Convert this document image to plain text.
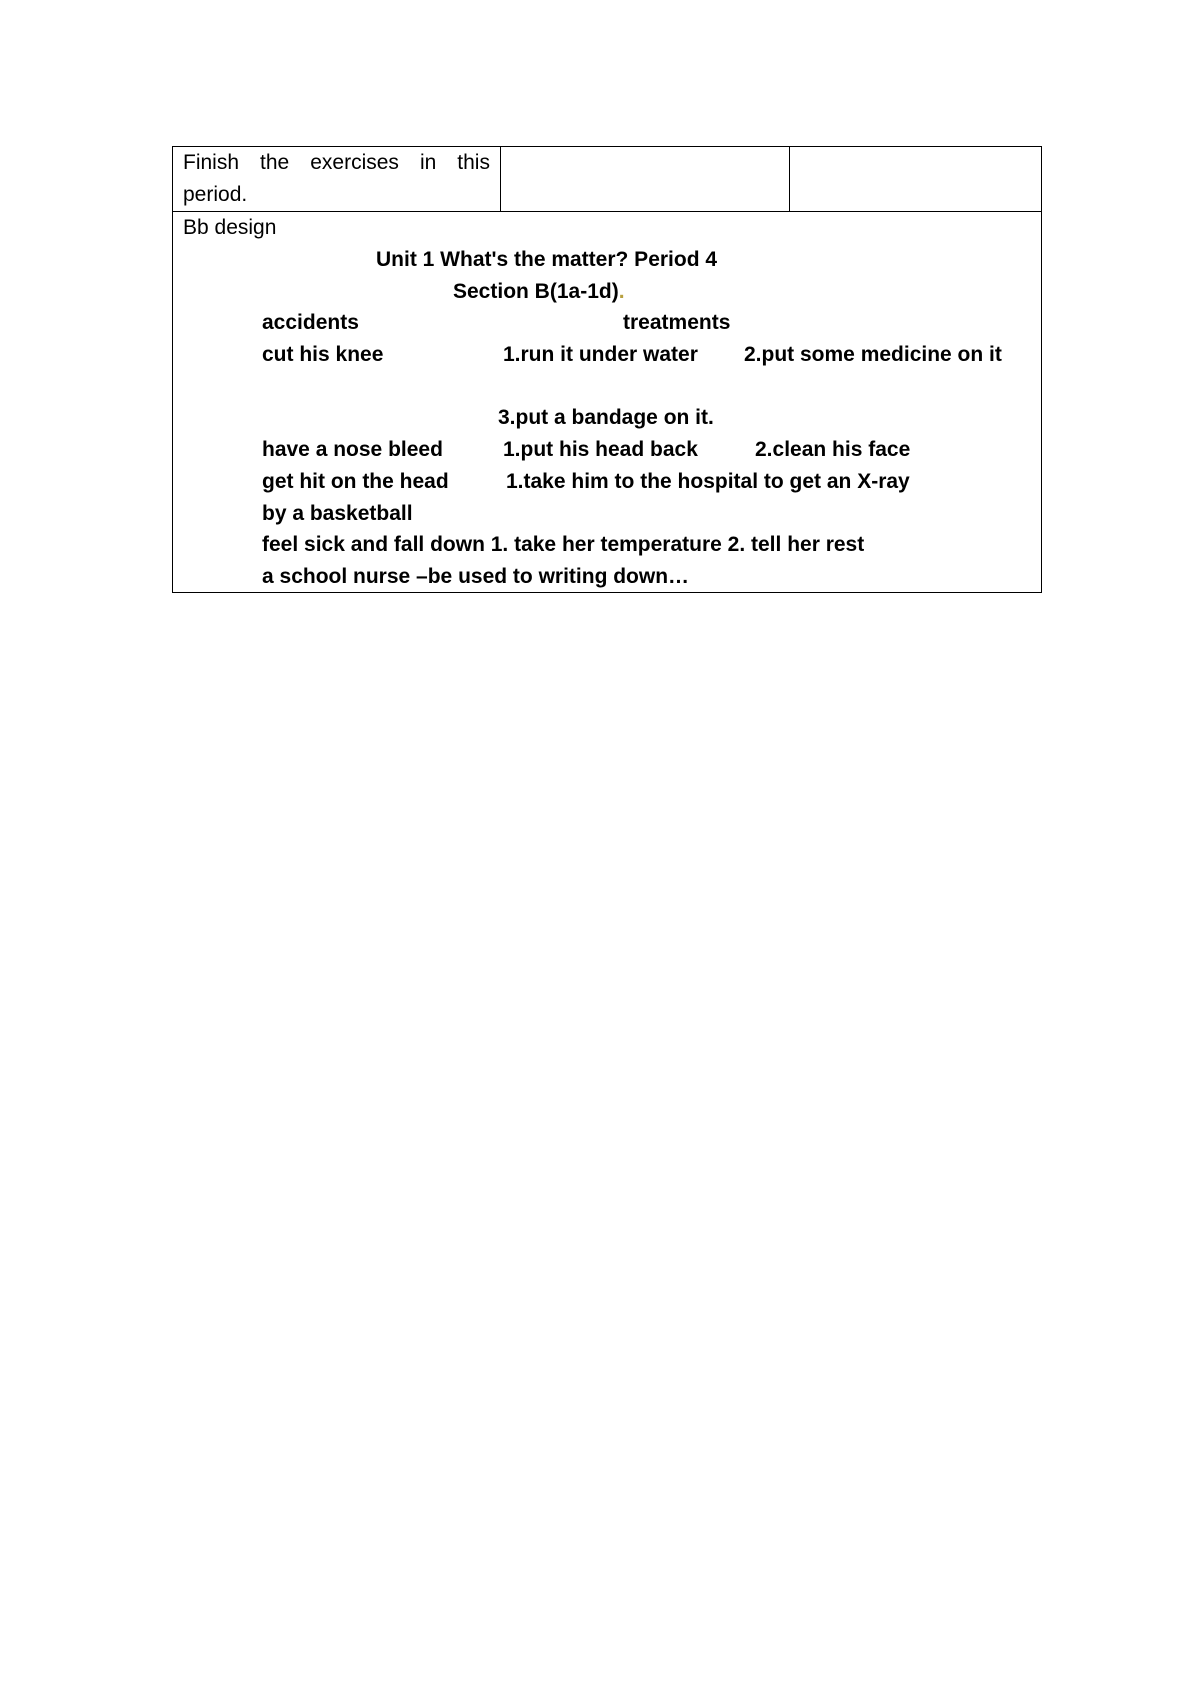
Finish the exercises in this
period.

Bb design
Unit 1 What's the matter? Period 4
Section B(1a-1d).
accidents	treatments
cut his knee	1.run it under water 2.put some medicine on it
3.put a bandage on it.
have a nose bleed	1.put his head back	2.clean his face
get hit on the head	1.take him to the hospital to get an X-ray
by a basketball
feel sick and fall down 1. take her temperature 2. tell her rest
a school nurse –be used to writing down…
